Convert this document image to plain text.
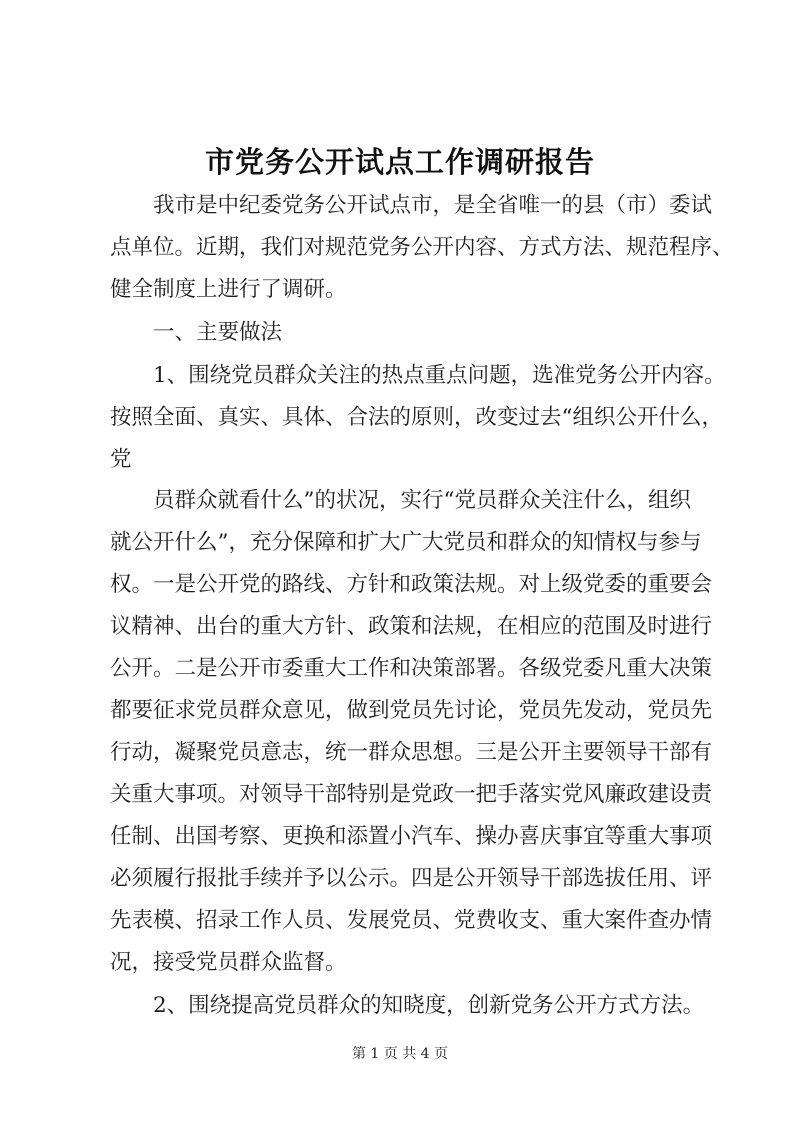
市党务公开试点工作调研报告
　　我市是中纪委党务公开试点市，是全省唯一的县（市）委试
点单位。近期，我们对规范党务公开内容、方式方法、规范程序、
健全制度上进行了调研。
　　一、主要做法
　　1、围绕党员群众关注的热点重点问题，选准党务公开内容。
按照全面、真实、具体、合法的原则，改变过去“组织公开什么，
党
　　员群众就看什么”的状况，实行“党员群众关注什么，组织
就公开什么”，充分保障和扩大广大党员和群众的知情权与参与
权。一是公开党的路线、方针和政策法规。对上级党委的重要会
议精神、出台的重大方针、政策和法规，在相应的范围及时进行
公开。二是公开市委重大工作和决策部署。各级党委凡重大决策
都要征求党员群众意见，做到党员先讨论，党员先发动，党员先
行动，凝聚党员意志，统一群众思想。三是公开主要领导干部有
关重大事项。对领导干部特别是党政一把手落实党风廉政建设责
任制、出国考察、更换和添置小汽车、操办喜庆事宜等重大事项
必须履行报批手续并予以公示。四是公开领导干部选拔任用、评
先表模、招录工作人员、发展党员、党费收支、重大案件查办情
况，接受党员群众监督。
　　2、围绕提高党员群众的知晓度，创新党务公开方式方法。
第 1 页 共 4 页
